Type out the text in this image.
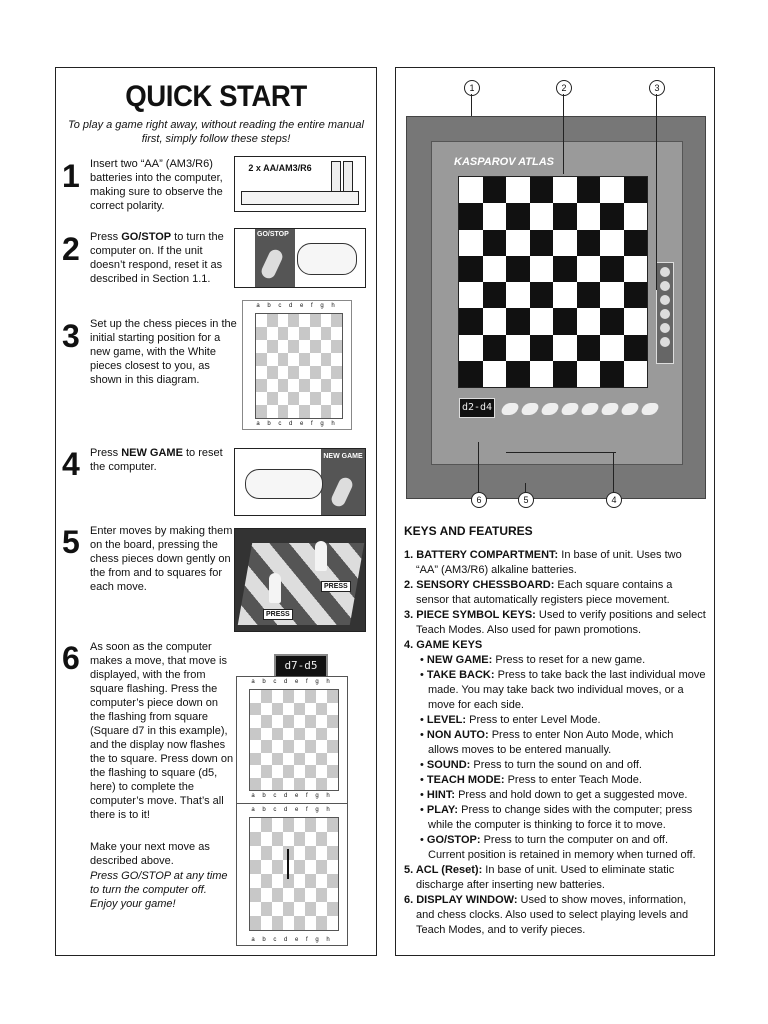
QUICK START
To play a game right away, without reading the entire manual first, simply follow these steps!
1 Insert two “AA” (AM3/R6) batteries into the computer, making sure to observe the correct polarity.
2 x AA/AM3/R6
2 Press GO/STOP to turn the computer on. If the unit doesn’t respond, reset it as described in Section 1.1.
GO/STOP
3 Set up the chess pieces in the initial starting position for a new game, with the White pieces closest to you, as shown in this diagram.
a b c d e f g h
a b c d e f g h
4 Press NEW GAME to reset the computer.
NEW GAME
5 Enter moves by making them on the board, pressing the chess pieces down gently on the from and to squares for each move.	PRESS
PRESS
6 As soon as the computer makes a move, that move is displayed, with the from square flashing. Press the computer’s piece down on the flashing from square (Square d7 in this example), and the display now flashes the to square. Press down on the flashing to square (d5, here) to complete the computer’s move. That’s all there is to it!
Make your next move as described above.
Press GO/STOP at any time to turn the computer off. Enjoy your game!
d7-d5
a b c d e f g h
a b c d e f g h
a b c d e f g h
a b c d e f g h
KASPAROV ATLAS
d2-d4
1	2	3
6	5	4
KEYS AND FEATURES

1. BATTERY COMPARTMENT: In base of unit. Uses two “AA” (AM3/R6) alkaline batteries.

2. SENSORY CHESSBOARD: Each square contains a sensor that automatically registers piece movement.

3. PIECE SYMBOL KEYS: Used to verify positions and select Teach Modes. Also used for pawn promotions.

4. GAME KEYS

• NEW GAME: Press to reset for a new game.

• TAKE BACK: Press to take back the last individual move made. You may take back two individual moves, or a move for each side.

• LEVEL: Press to enter Level Mode.

• NON AUTO: Press to enter Non Auto Mode, which allows moves to be entered manually.

• SOUND: Press to turn the sound on and off.

• TEACH MODE: Press to enter Teach Mode.

• HINT: Press and hold down to get a suggested move.

• PLAY: Press to change sides with the computer; press while the computer is thinking to force it to move.

• GO/STOP: Press to turn the computer on and off. Current position is retained in memory when turned off.

5. ACL (Reset): In base of unit. Used to eliminate static discharge after inserting new batteries.

6. DISPLAY WINDOW: Used to show moves, information, and chess clocks. Also used to select playing levels and Teach Modes, and to verify pieces.
